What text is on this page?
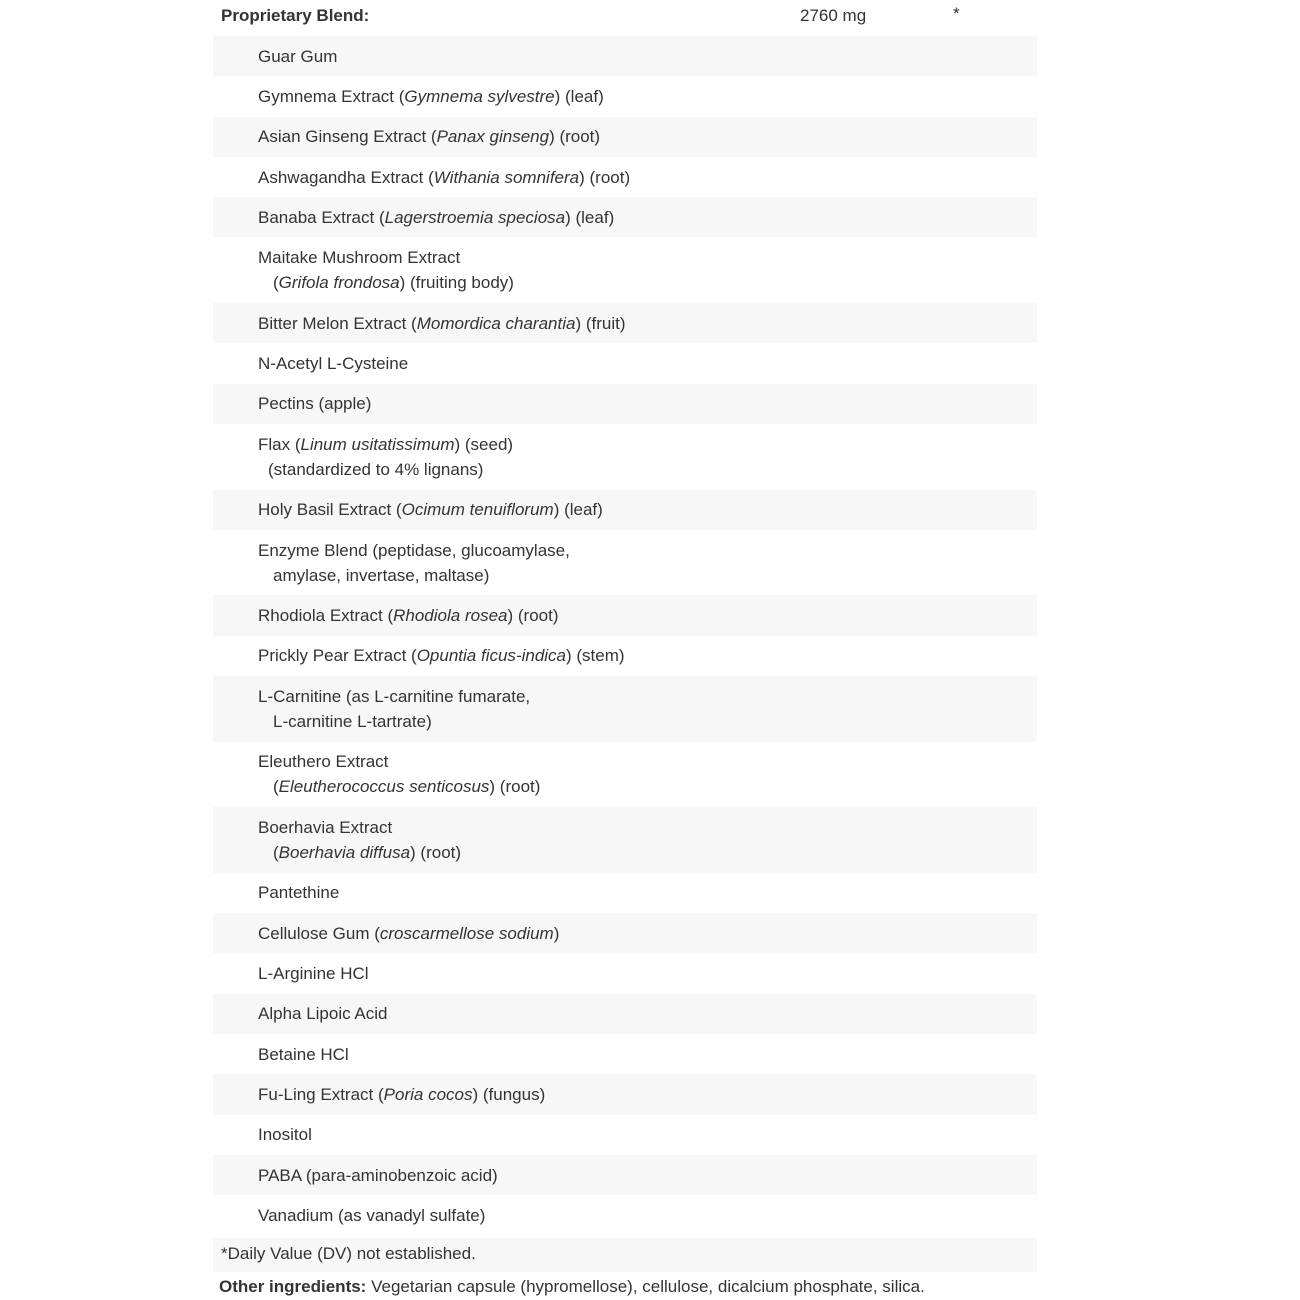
Proprietary Blend:	2760 mg	*
Guar Gum
Gymnema Extract (Gymnema sylvestre) (leaf)
Asian Ginseng Extract (Panax ginseng) (root)
Ashwagandha Extract (Withania somnifera) (root)
Banaba Extract (Lagerstroemia speciosa) (leaf)
Maitake Mushroom Extract
(Grifola frondosa) (fruiting body)
Bitter Melon Extract (Momordica charantia) (fruit)
N-Acetyl L-Cysteine
Pectins (apple)
Flax (Linum usitatissimum) (seed)
(standardized to 4% lignans)
Holy Basil Extract (Ocimum tenuiflorum) (leaf)
Enzyme Blend (peptidase, glucoamylase,
amylase, invertase, maltase)
Rhodiola Extract (Rhodiola rosea) (root)
Prickly Pear Extract (Opuntia ficus-indica) (stem)
L-Carnitine (as L-carnitine fumarate,
L-carnitine L-tartrate)
Eleuthero Extract
(Eleutherococcus senticosus) (root)
Boerhavia Extract
(Boerhavia diffusa) (root)
Pantethine
Cellulose Gum (croscarmellose sodium)
L-Arginine HCl
Alpha Lipoic Acid
Betaine HCl
Fu-Ling Extract (Poria cocos) (fungus)
Inositol
PABA (para-aminobenzoic acid)
Vanadium (as vanadyl sulfate)
*Daily Value (DV) not established.
Other ingredients: Vegetarian capsule (hypromellose), cellulose, dicalcium phosphate, silica.
